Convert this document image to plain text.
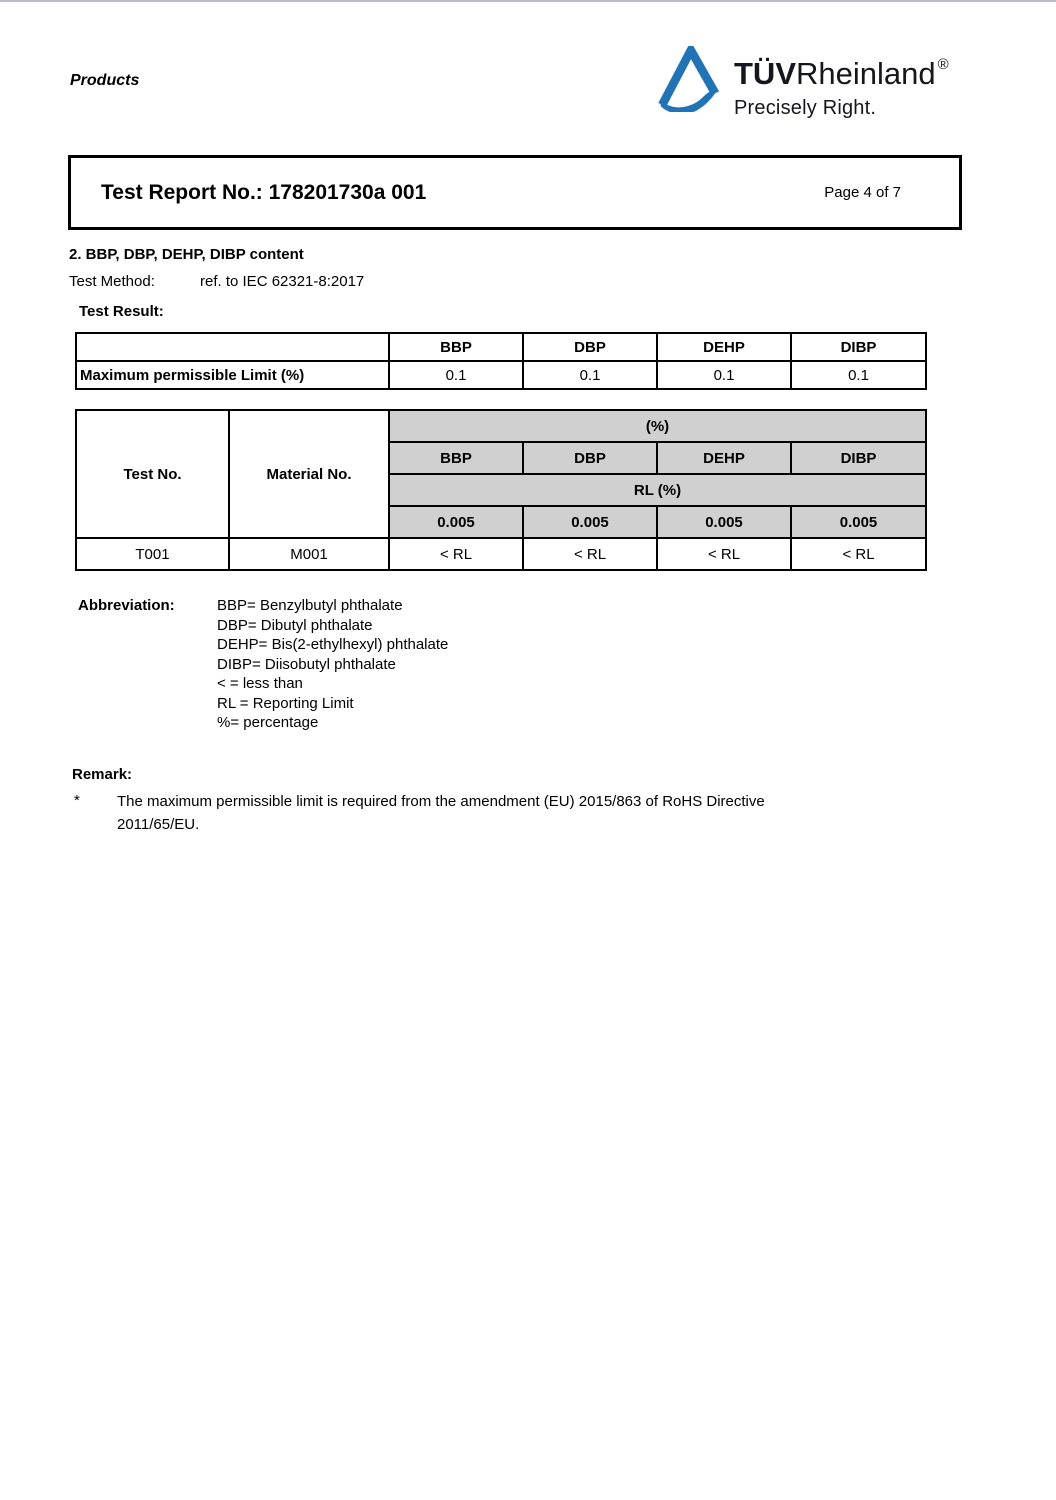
Products	TÜV Rheinland ®
Precisely Right.
Test Report No.: 178201730a 001	Page 4 of 7
2. BBP, DBP, DEHP, DIBP content
Test Method:	ref. to IEC 62321-8:2017
Test Result:
	BBP	DBP	DEHP	DIBP
Maximum permissible Limit (%)	0.1	0.1	0.1	0.1
Test No.	Material No.	(%)			
		BBP	DBP	DEHP	DIBP
		RL (%)			
		0.005	0.005	0.005	0.005
T001	M001	< RL	< RL	< RL	< RL
Abbreviation:	BBP= Benzylbutyl phthalate
DBP= Dibutyl phthalate
DEHP= Bis(2-ethylhexyl) phthalate
DIBP= Diisobutyl phthalate
< = less than
RL = Reporting Limit
%= percentage
Remark:
* The maximum permissible limit is required from the amendment (EU) 2015/863 of RoHS Directive
2011/65/EU.
